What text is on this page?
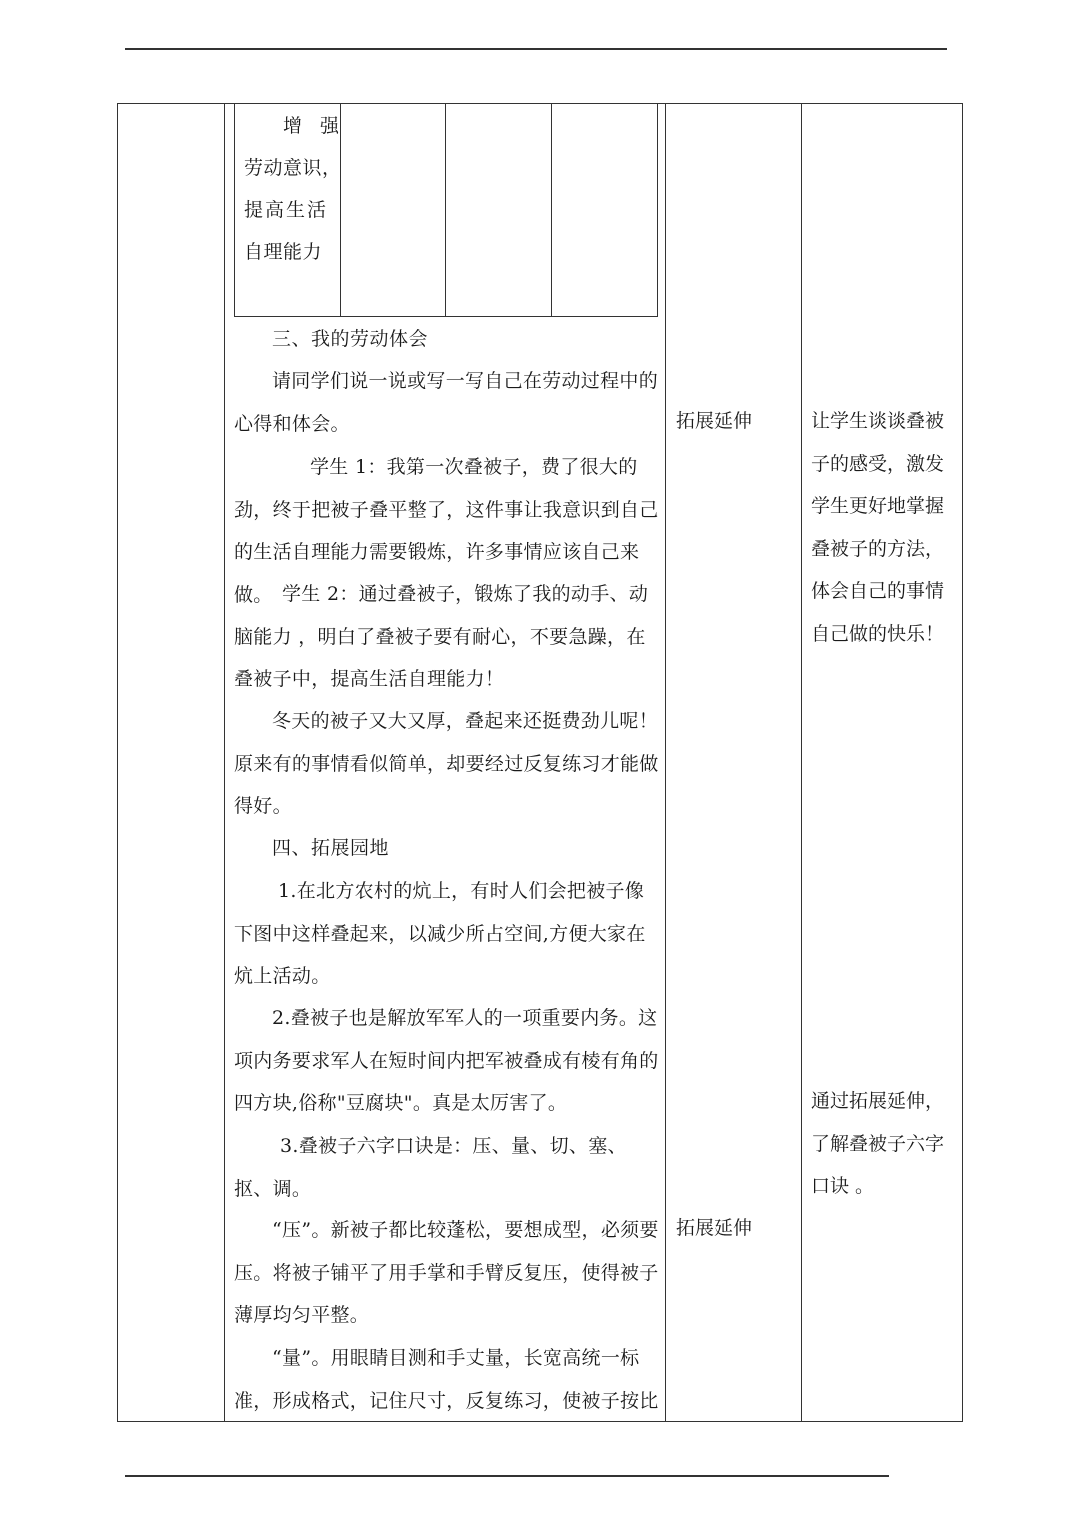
增 强
劳动意识，
提高生活
自理能力
三、我的劳动体会
请同学们说一说或写一写自己在劳动过程中的心得和体会。
学生 1：我第一次叠被子，费了很大的劲，终于把被子叠平整了，这件事让我意识到自己的生活自理能力需要锻炼，许多事情应该自己来做。 学生 2：通过叠被子，锻炼了我的动手、动脑能力 ，明白了叠被子要有耐心，不要急躁，在叠被子中，提高生活自理能力！
冬天的被子又大又厚，叠起来还挺费劲儿呢！原来有的事情看似简单，却要经过反复练习才能做得好。
四、拓展园地
1.在北方农村的炕上，有时人们会把被子像下图中这样叠起来，以减少所占空间,方便大家在炕上活动。
2.叠被子也是解放军军人的一项重要内务。这项内务要求军人在短时间内把军被叠成有棱有角的四方块,俗称"豆腐块"。真是太厉害了。
3.叠被子六字口诀是：压、量、切、塞、抠、调。
“压”。新被子都比较蓬松，要想成型，必须要压。将被子铺平了用手掌和手臂反复压，使得被子薄厚均匀平整。
“量”。用眼睛目测和手丈量，长宽高统一标准，形成格式，记住尺寸，反复练习，使被子按比
拓展延伸
拓展延伸
让学生谈谈叠被子的感受，激发学生更好地掌握叠被子的方法，体会自己的事情自己做的快乐！
通过拓展延伸，了解叠被子六字口诀 。
